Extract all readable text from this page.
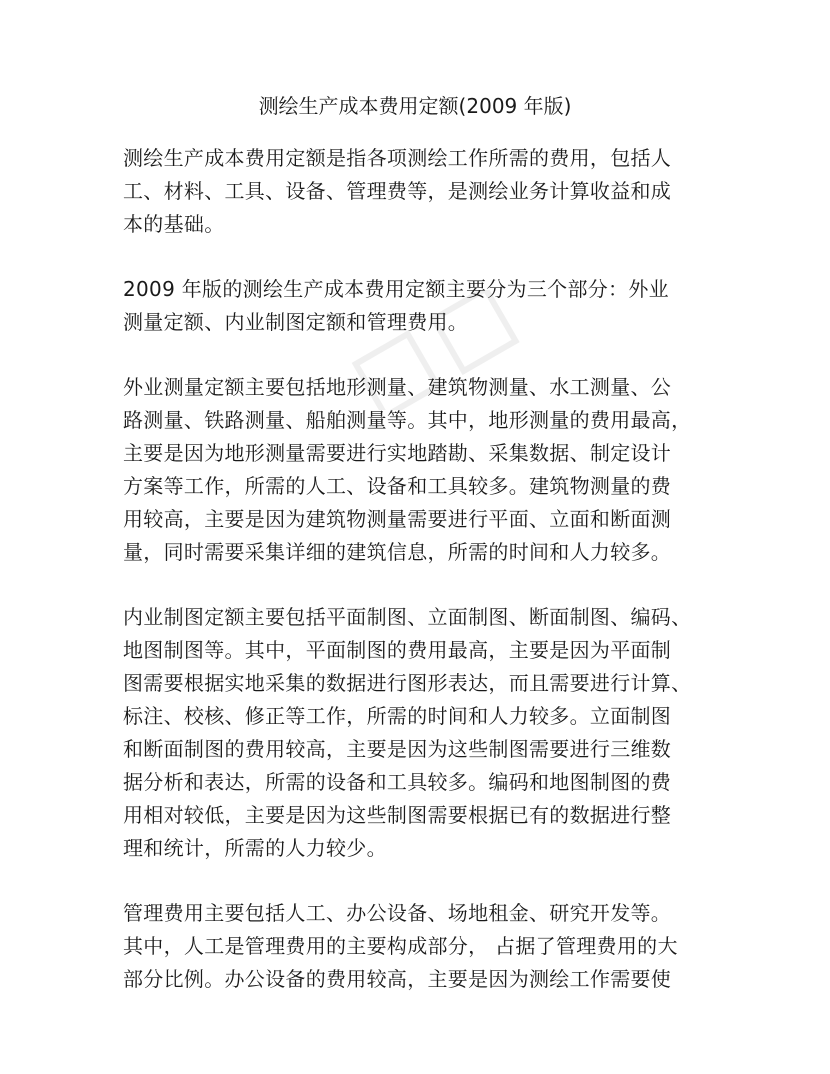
测绘生产成本费用定额(2009 年版)

测绘生产成本费用定额是指各项测绘工作所需的费用，包括人
工、材料、工具、设备、管理费等，是测绘业务计算收益和成
本的基础。

2009 年版的测绘生产成本费用定额主要分为三个部分：外业
测量定额、内业制图定额和管理费用。

外业测量定额主要包括地形测量、建筑物测量、水工测量、公
路测量、铁路测量、船舶测量等。其中，地形测量的费用最高，
主要是因为地形测量需要进行实地踏勘、采集数据、制定设计
方案等工作，所需的人工、设备和工具较多。建筑物测量的费
用较高，主要是因为建筑物测量需要进行平面、立面和断面测
量，同时需要采集详细的建筑信息，所需的时间和人力较多。

内业制图定额主要包括平面制图、立面制图、断面制图、编码、
地图制图等。其中，平面制图的费用最高，主要是因为平面制
图需要根据实地采集的数据进行图形表达，而且需要进行计算、
标注、校核、修正等工作，所需的时间和人力较多。立面制图
和断面制图的费用较高，主要是因为这些制图需要进行三维数
据分析和表达，所需的设备和工具较多。编码和地图制图的费
用相对较低，主要是因为这些制图需要根据已有的数据进行整
理和统计，所需的人力较少。

管理费用主要包括人工、办公设备、场地租金、研究开发等。
其中，人工是管理费用的主要构成部分， 占据了管理费用的大
部分比例。办公设备的费用较高，主要是因为测绘工作需要使
